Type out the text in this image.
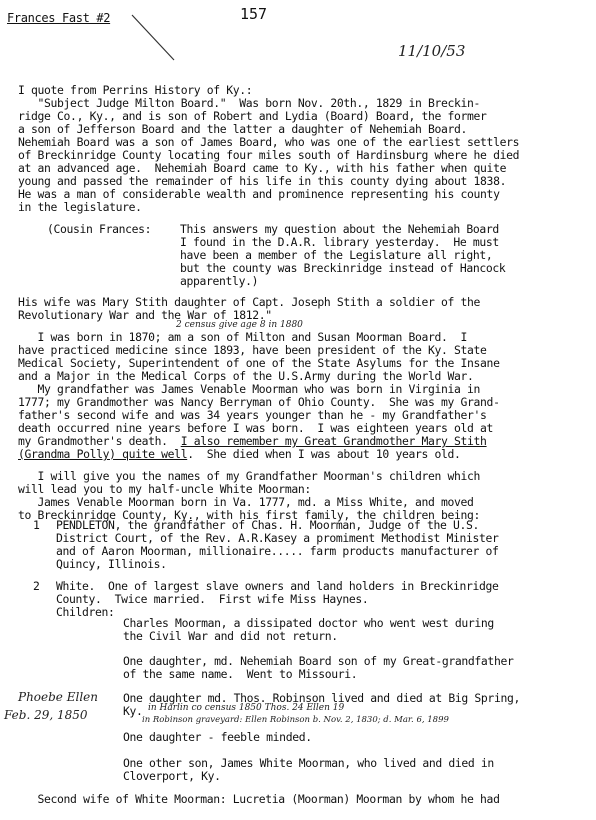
Frances Fast #2	157
11/10/53
I quote from Perrins History of Ky.:
"Subject Judge Milton Board."  Was born Nov. 20th., 1829 in Breckin-
ridge Co., Ky., and is son of Robert and Lydia (Board) Board, the former
a son of Jefferson Board and the latter a daughter of Nehemiah Board.
Nehemiah Board was a son of James Board, who was one of the earliest settlers
of Breckinridge County locating four miles south of Hardinsburg where he died
at an advanced age.  Nehemiah Board came to Ky., with his father when quite
young and passed the remainder of his life in this county dying about 1838.
He was a man of considerable wealth and prominence representing his county
in the legislature.
(Cousin Frances:	This answers my question about the Nehemiah Board
I found in the D.A.R. library yesterday.  He must
have been a member of the Legislature all right,
but the county was Breckinridge instead of Hancock
apparently.)
His wife was Mary Stith daughter of Capt. Joseph Stith a soldier of the
Revolutionary War and the War of 1812."
2 census give age 8 in 1880
I was born in 1870; am a son of Milton and Susan Moorman Board.  I
have practiced medicine since 1893, have been president of the Ky. State
Medical Society, Superintendent of one of the State Asylums for the Insane
and a Major in the Medical Corps of the U.S.Army during the World War.
My grandfather was James Venable Moorman who was born in Virginia in
1777; my Grandmother was Nancy Berryman of Ohio County.  She was my Grand-
father's second wife and was 34 years younger than he - my Grandfather's
death occurred nine years before I was born.  I was eighteen years old at
my Grandmother's death.  I also remember my Great Grandmother Mary Stith
(Grandma Polly) quite well.  She died when I was about 10 years old.
I will give you the names of my Grandfather Moorman's children which
will lead you to my half-uncle White Moorman:
James Venable Moorman born in Va. 1777, md. a Miss White, and moved
to Breckinridge County, Ky., with his first family, the children being:
1 PENDLETON, the grandfather of Chas. H. Moorman, Judge of the U.S.
District Court, of the Rev. A.R.Kasey a promiment Methodist Minister
and of Aaron Moorman, millionaire..... farm products manufacturer of
Quincy, Illinois.
2 White.  One of largest slave owners and land holders in Breckinridge
County.  Twice married.  First wife Miss Haynes.
Children:
Charles Moorman, a dissipated doctor who went west during
the Civil War and did not return.
One daughter, md. Nehemiah Board son of my Great-grandfather
of the same name.  Went to Missouri.
Phoebe Ellen
Feb. 29, 1850
One daughter md. Thos. Robinson lived and died at Big Spring,
Ky. in Harlin co census 1850 Thos. 24 Ellen 19
in Robinson graveyard: Ellen Robinson b. Nov. 2, 1830; d. Mar. 6, 1899
One daughter - feeble minded.
One other son, James White Moorman, who lived and died in
Cloverport, Ky.
Second wife of White Moorman: Lucretia (Moorman) Moorman by whom he had
